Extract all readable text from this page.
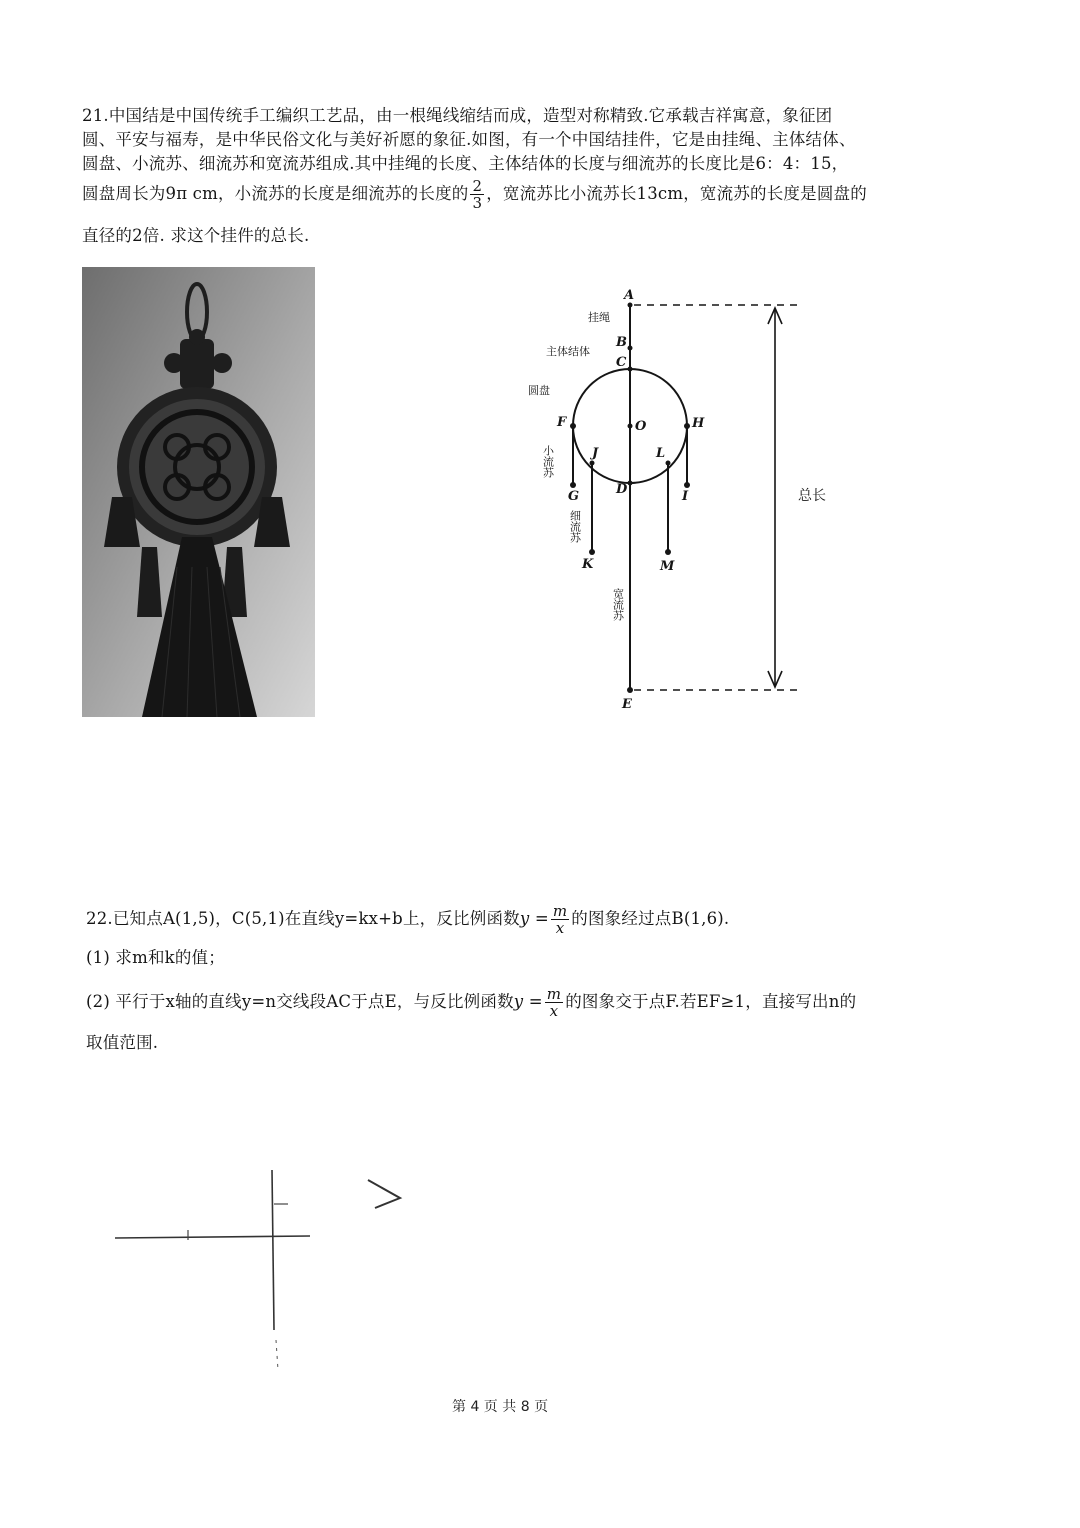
21.中国结是中国传统手工编织工艺品，由一根绳线缩结而成，造型对称精致.它承载吉祥寓意，象征团
圆、平安与福寿，是中华民俗文化与美好祈愿的象征.如图，有一个中国结挂件，它是由挂绳、主体结体、
圆盘、小流苏、细流苏和宽流苏组成.其中挂绳的长度、主体结体的长度与细流苏的长度比是6：4：15，
圆盘周长为9π cm，小流苏的长度是细流苏的长度的 $\frac{2}{3}$ ，宽流苏比小流苏长13cm，宽流苏的长度是圆盘的
直径的2倍. 求这个挂件的总长.
A
B
C
O
D
E
F	H
G	I
J	L
K	M
挂绳
主体结体
圆盘
小流苏
细流苏
宽流苏
总长
22.已知点A(1,5)，C(5,1)在直线y=kx+b上，反比例函数$y = \frac{m}{x}$ 的图象经过点B(1,6).
(1) 求m和k的值；
(2) 平行于x轴的直线y=n交线段AC于点E，与反比例函数$y = \frac{m}{x}$ 的图象交于点F.若EF≥1，直接写出n的
取值范围.
第 4 页 共 8 页
